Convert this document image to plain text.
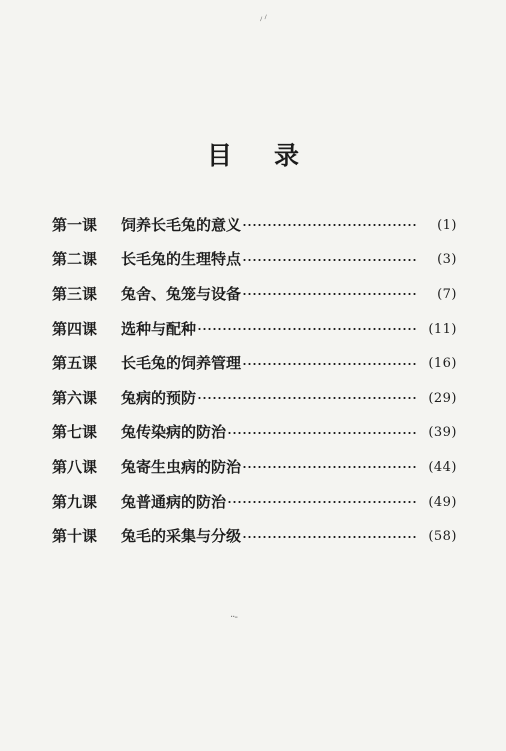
⸝⸝
目 录
第一课	饲养长毛兔的意义	(1)
第二课	长毛兔的生理特点	(3)
第三课	兔舍、兔笼与设备	(7)
第四课	选种与配种	(11)
第五课	长毛兔的饲养管理	(16)
第六课	兔病的预防	(29)
第七课	兔传染病的防治	(39)
第八课	兔寄生虫病的防治	(44)
第九课	兔普通病的防治	(49)
第十课	兔毛的采集与分级	(58)
··-
